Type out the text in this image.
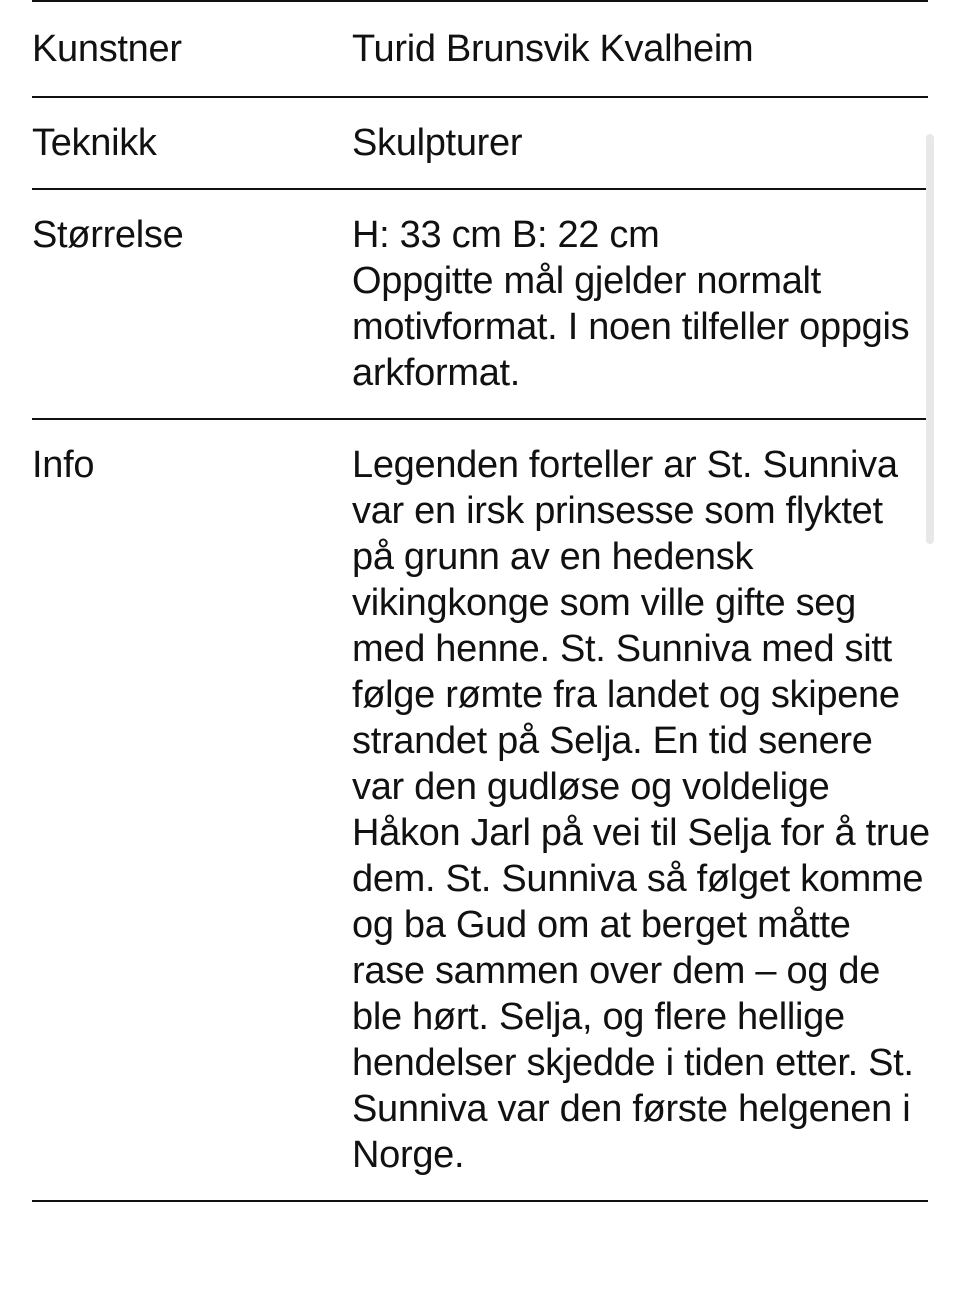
Kunstner	Turid Brunsvik Kvalheim
Teknikk	Skulpturer
Størrelse	H: 33 cm B: 22 cm
Oppgitte mål gjelder normalt motivformat. I noen tilfeller oppgis arkformat.
Info	Legenden forteller ar St. Sunniva var en irsk prinsesse som flyktet på grunn av en hedensk vikingkonge som ville gifte seg med henne. St. Sunniva med sitt følge rømte fra landet og skipene strandet på Selja. En tid senere var den gudløse og voldelige Håkon Jarl på vei til Selja for å true dem. St. Sunniva så følget komme og ba Gud om at berget måtte rase sammen over dem – og de ble hørt. Selja, og flere hellige hendelser skjedde i tiden etter. St. Sunniva var den første helgenen i Norge.
